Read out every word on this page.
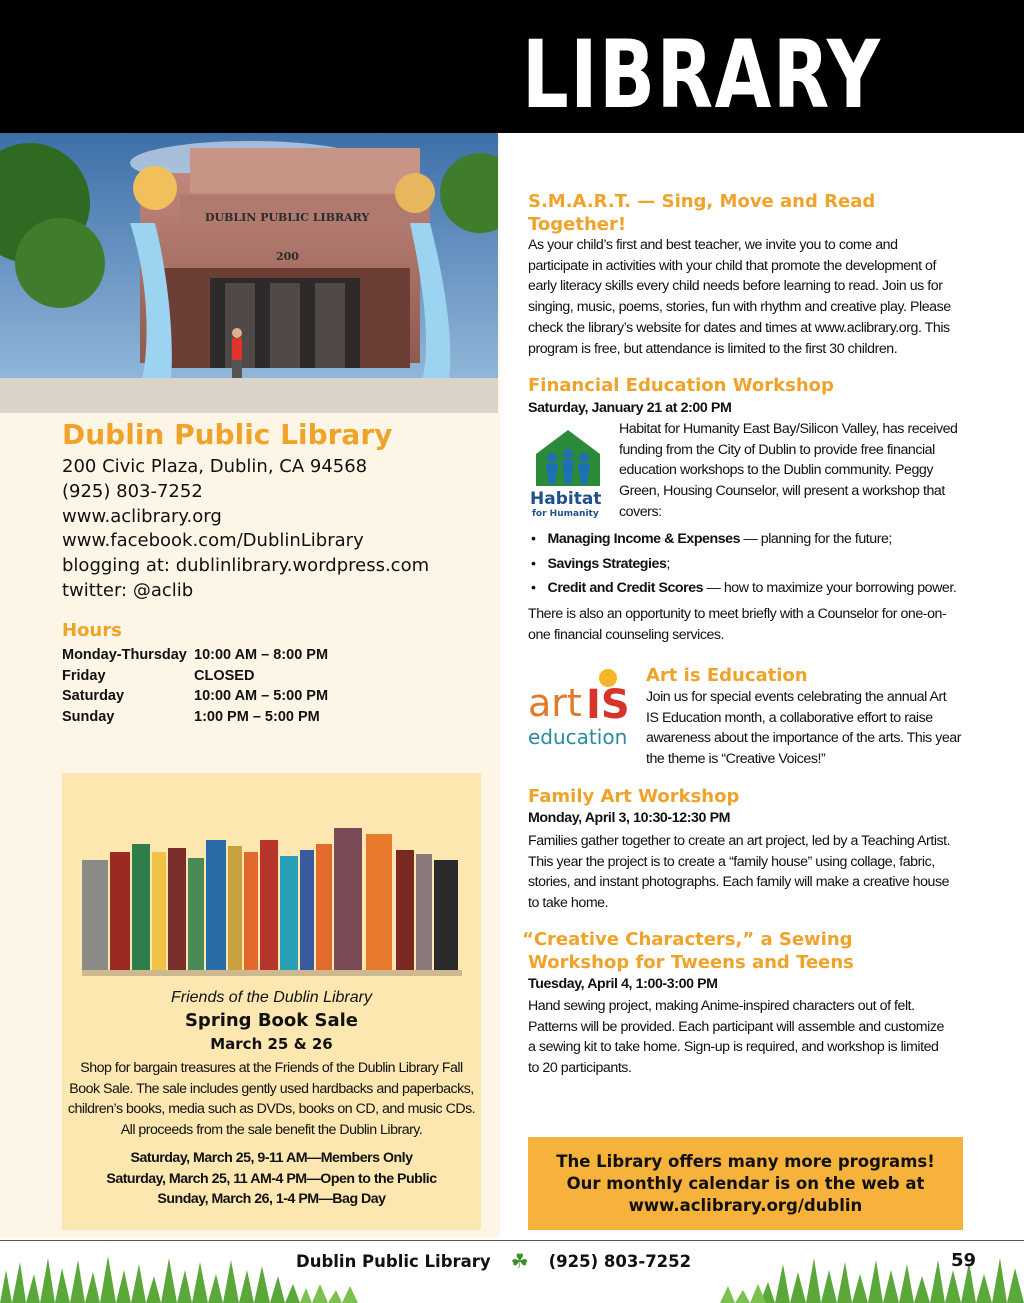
LIBRARY
DUBLIN PUBLIC LIBRARY
200
Dublin Public Library
200 Civic Plaza, Dublin, CA 94568
(925) 803-7252
www.aclibrary.org
www.facebook.com/DublinLibrary
blogging at: dublinlibrary.wordpress.com
twitter: @aclib
Hours
Monday-Thursday 10:00 AM – 8:00 PM
Friday	CLOSED
Saturday	10:00 AM – 5:00 PM
Sunday	1:00 PM – 5:00 PM
Friends of the Dublin Library
Spring Book Sale
March 25 & 26
Shop for bargain treasures at the Friends of the Dublin Library Fall
Book Sale. The sale includes gently used hardbacks and paperbacks,
children’s books, media such as DVDs, books on CD, and music CDs.
All proceeds from the sale benefit the Dublin Library.
Saturday, March 25, 9-11 AM—Members Only
Saturday, March 25, 11 AM-4 PM—Open to the Public
Sunday, March 26, 1-4 PM—Bag Day
S.M.A.R.T. — Sing, Move and Read
Together!
As your child’s first and best teacher, we invite you to come and
participate in activities with your child that promote the development of
early literacy skills every child needs before learning to read. Join us for
singing, music, poems, stories, fun with rhythm and creative play. Please
check the library’s website for dates and times at www.aclibrary.org. This
program is free, but attendance is limited to the first 30 children.
Financial Education Workshop
Saturday, January 21 at 2:00 PM
Habitat
for Humanity
Habitat for Humanity East Bay/Silicon Valley, has received
funding from the City of Dublin to provide free financial
education workshops to the Dublin community. Peggy
Green, Housing Counselor, will present a workshop that
covers:
• Managing Income & Expenses — planning for the future;
• Savings Strategies;
• Credit and Credit Scores — how to maximize your borrowing power.
There is also an opportunity to meet briefly with a Counselor for one-on-
one financial counseling services.
art IS
education
Art is Education
Join us for special events celebrating the annual Art
IS Education month, a collaborative effort to raise
awareness about the importance of the arts. This year
the theme is “Creative Voices!”
Family Art Workshop
Monday, April 3, 10:30-12:30 PM
Families gather together to create an art project, led by a Teaching Artist.
This year the project is to create a “family house” using collage, fabric,
stories, and instant photographs. Each family will make a creative house
to take home.
“Creative Characters,” a Sewing
Workshop for Tweens and Teens
Tuesday, April 4, 1:00-3:00 PM
Hand sewing project, making Anime-inspired characters out of felt.
Patterns will be provided. Each participant will assemble and customize
a sewing kit to take home. Sign-up is required, and workshop is limited
to 20 participants.
The Library offers many more programs!
Our monthly calendar is on the web at
www.aclibrary.org/dublin
Dublin Public Library ☘ (925) 803-7252	59
